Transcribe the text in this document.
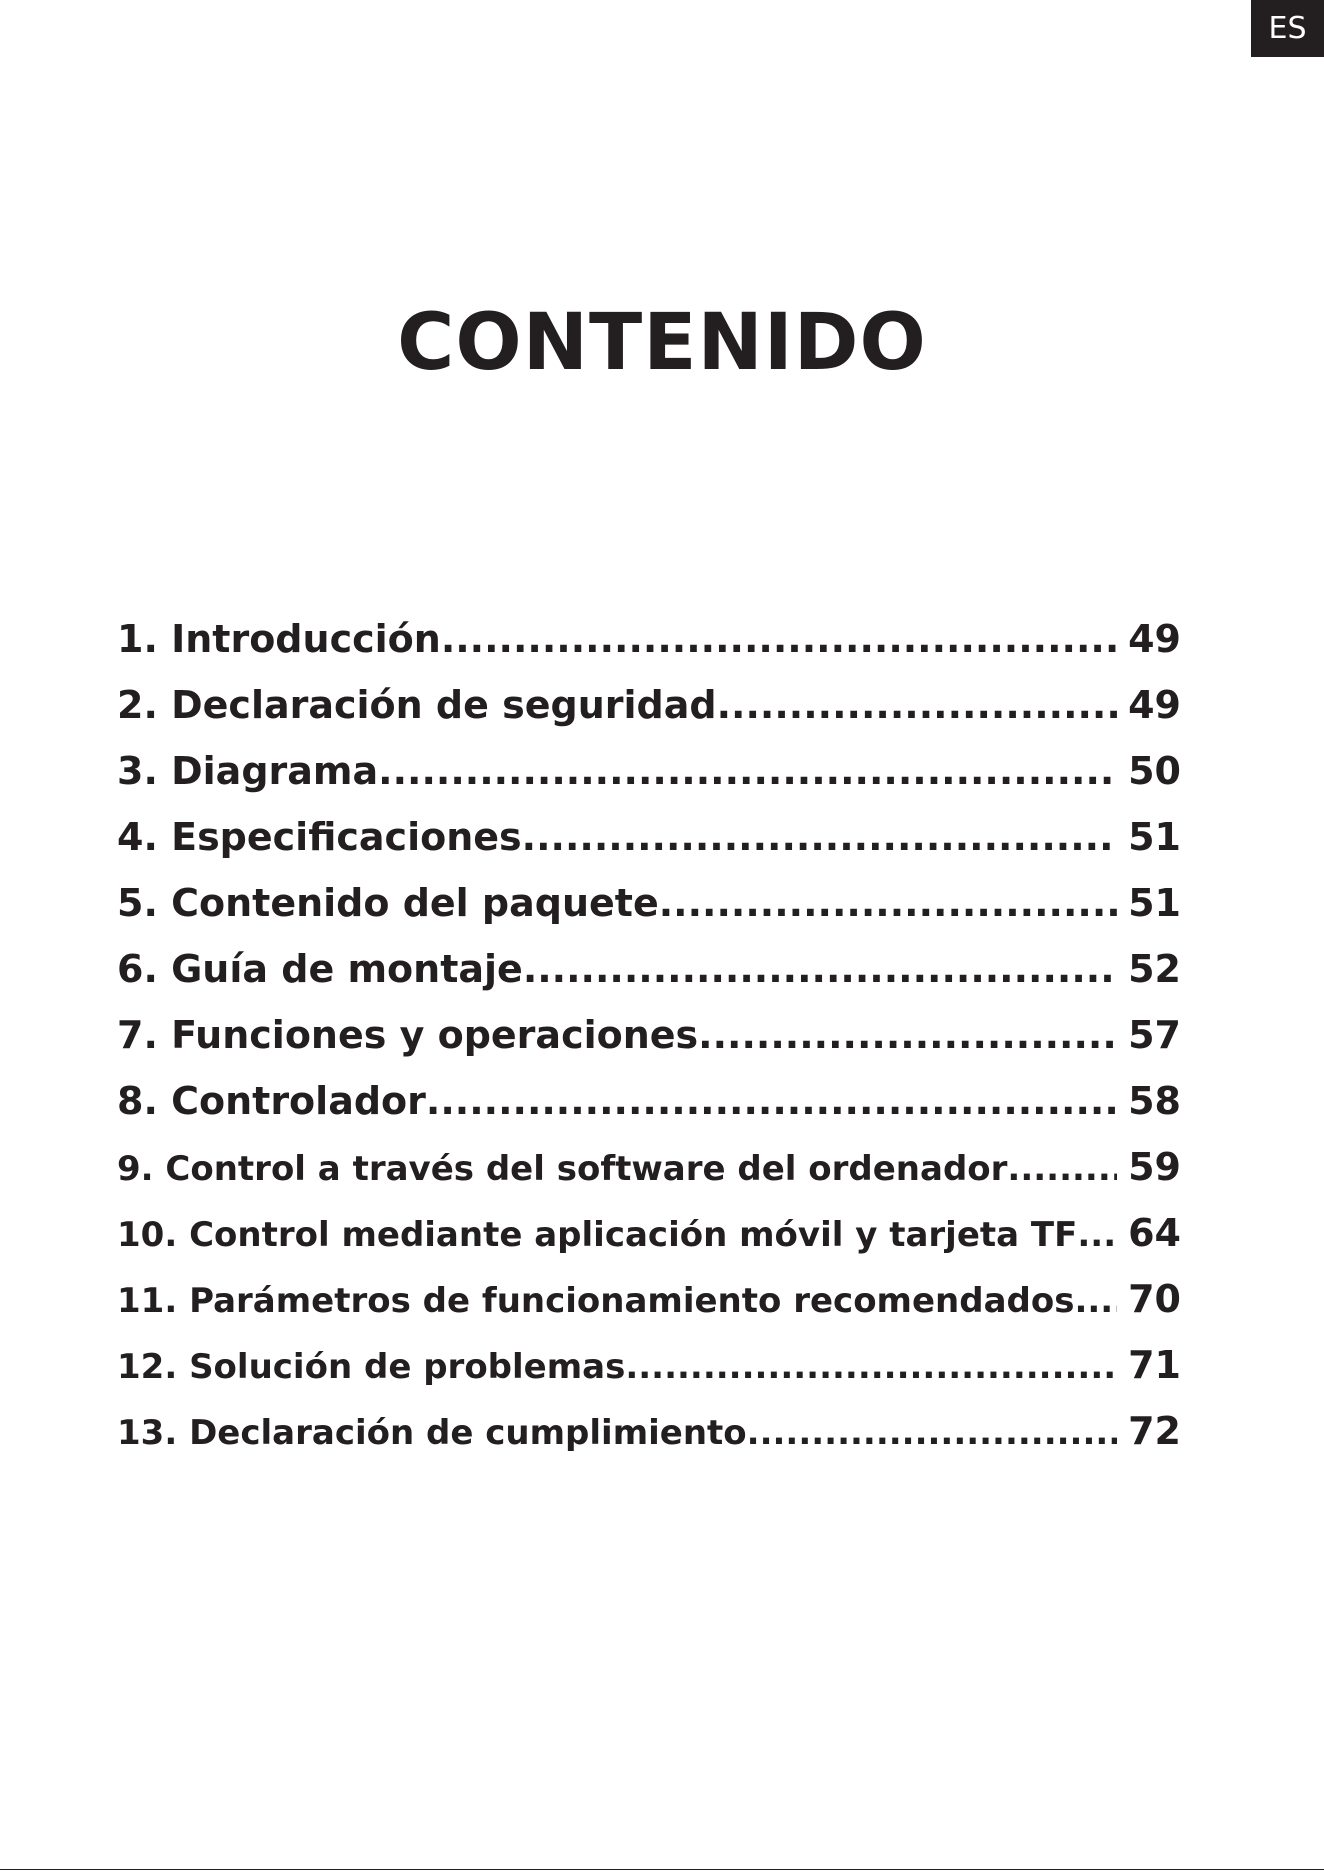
ES
CONTENIDO
1. Introducción .....	49
2. Declaración de seguridad .....	49
3. Diagrama .....	50
4. Especificaciones .....	51
5. Contenido del paquete .....	51
6. Guía de montaje .....	52
7. Funciones y operaciones .....	57
8. Controlador .....	58
9. Control a través del software del ordenador .....	59
10. Control mediante aplicación móvil y tarjeta TF ..... 64
11. Parámetros de funcionamiento recomendados ..... 70
12. Solución de problemas .....	71
13. Declaración de cumplimiento .....	72
